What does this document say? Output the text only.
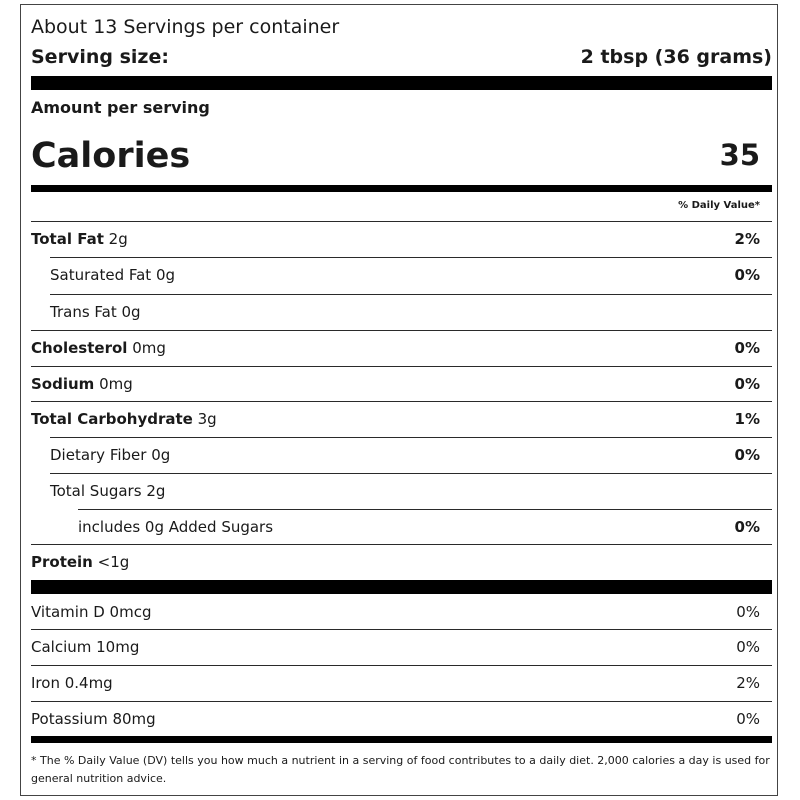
About 13 Servings per container
Serving size:	2 tbsp (36 grams)
Amount per serving
Calories	35
% Daily Value*
Total Fat 2g	2%
Saturated Fat 0g	0%
Trans Fat 0g
Cholesterol 0mg	0%
Sodium 0mg	0%
Total Carbohydrate 3g	1%
Dietary Fiber 0g	0%
Total Sugars 2g
includes 0g Added Sugars	0%
Protein <1g
Vitamin D 0mcg	0%
Calcium 10mg	0%
Iron 0.4mg	2%
Potassium 80mg	0%
* The % Daily Value (DV) tells you how much a nutrient in a serving of food contributes to a daily diet. 2,000 calories a day is used for general nutrition advice.
